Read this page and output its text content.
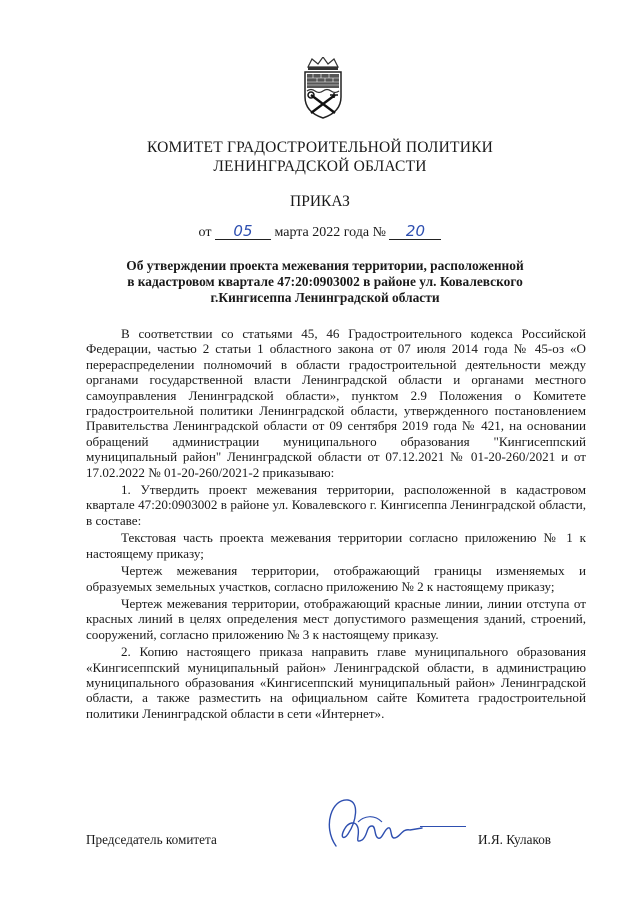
КОМИТЕТ ГРАДОСТРОИТЕЛЬНОЙ ПОЛИТИКИ
ЛЕНИНГРАДСКОЙ ОБЛАСТИ
ПРИКАЗ
от 05 марта 2022 года № 20
Об утверждении проекта межевания территории, расположенной
в кадастровом квартале 47:20:0903002 в районе ул. Ковалевского
г.Кингисеппа Ленинградской области

В соответствии со статьями 45, 46 Градостроительного кодекса Российской Федерации, частью 2 статьи 1 областного закона от 07 июля 2014 года № 45-оз «О перераспределении полномочий в области градостроительной деятельности между органами государственной власти Ленинградской области и органами местного самоуправления Ленинградской области», пунктом 2.9 Положения о Комитете градостроительной политики Ленинградской области, утвержденного постановлением Правительства Ленинградской области от 09 сентября 2019 года № 421, на основании обращений администрации муниципального образования "Кингисеппский муниципальный район" Ленинградской области от 07.12.2021 № 01-20-260/2021 и от 17.02.2022 № 01-20-260/2021-2 приказываю:

1. Утвердить проект межевания территории, расположенной в кадастровом квартале 47:20:0903002 в районе ул. Ковалевского г. Кингисеппа Ленинградской области, в составе:

Текстовая часть проекта межевания территории согласно приложению № 1 к настоящему приказу;

Чертеж межевания территории, отображающий границы изменяемых и образуемых земельных участков, согласно приложению № 2 к настоящему приказу;

Чертеж межевания территории, отображающий красные линии, линии отступа от красных линий в целях определения мест допустимого размещения зданий, строений, сооружений, согласно приложению № 3 к настоящему приказу.

2. Копию настоящего приказа направить главе муниципального образования «Кингисеппский муниципальный район» Ленинградской области, в администрацию муниципального образования «Кингисеппский муниципальный район» Ленинградской области, а также разместить на официальном сайте Комитета градостроительной политики Ленинградской области в сети «Интернет».

Председатель комитета	И.Я. Кулаков
